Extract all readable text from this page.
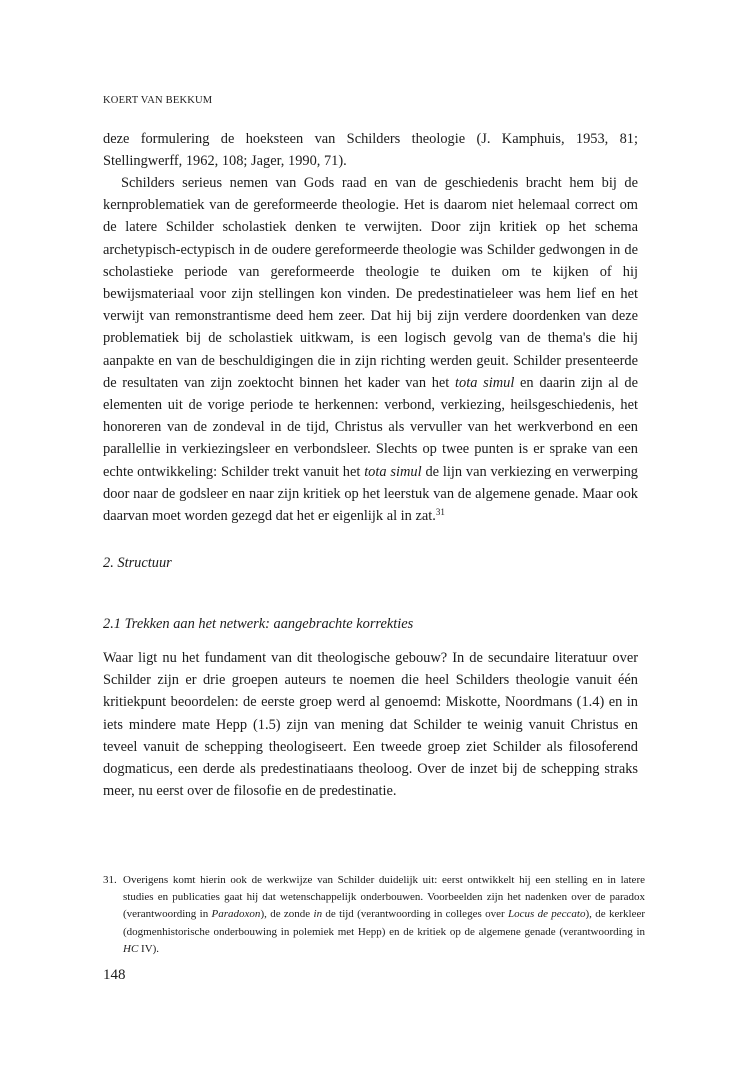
KOERT VAN BEKKUM

deze formulering de hoeksteen van Schilders theologie (J. Kamphuis, 1953, 81; Stellingwerff, 1962, 108; Jager, 1990, 71).

Schilders serieus nemen van Gods raad en van de geschiedenis bracht hem bij de kernproblematiek van de gereformeerde theologie. Het is daarom niet helemaal correct om de latere Schilder scholastiek denken te verwijten. Door zijn kritiek op het schema archetypisch-ectypisch in de oudere gereformeerde theologie was Schilder gedwongen in de scholastieke periode van gereformeerde theologie te duiken om te kijken of hij bewijsmateriaal voor zijn stellingen kon vinden. De predestinatieleer was hem lief en het verwijt van remonstrantisme deed hem zeer. Dat hij bij zijn verdere doordenken van deze problematiek bij de scholastiek uitkwam, is een logisch gevolg van de thema's die hij aanpakte en van de beschuldigingen die in zijn richting werden geuit. Schilder presenteerde de resultaten van zijn zoektocht binnen het kader van het tota simul en daarin zijn al de elementen uit de vorige periode te herkennen: verbond, verkiezing, heilsgeschiedenis, het honoreren van de zondeval in de tijd, Christus als vervuller van het werkverbond en een parallellie in verkiezingsleer en verbondsleer. Slechts op twee punten is er sprake van een echte ontwikkeling: Schilder trekt vanuit het tota simul de lijn van verkiezing en verwerping door naar de godsleer en naar zijn kritiek op het leerstuk van de algemene genade. Maar ook daarvan moet worden gezegd dat het er eigenlijk al in zat.$^{31}$

2. Structuur

2.1 Trekken aan het netwerk: aangebrachte korrekties

Waar ligt nu het fundament van dit theologische gebouw? In de secundaire literatuur over Schilder zijn er drie groepen auteurs te noemen die heel Schilders theologie vanuit één kritiekpunt beoordelen: de eerste groep werd al genoemd: Miskotte, Noordmans (1.4) en in iets mindere mate Hepp (1.5) zijn van mening dat Schilder te weinig vanuit Christus en teveel vanuit de schepping theologiseert. Een tweede groep ziet Schilder als filosoferend dogmaticus, een derde als predestinatiaans theoloog. Over de inzet bij de schepping straks meer, nu eerst over de filosofie en de predestinatie.

31. Overigens komt hierin ook de werkwijze van Schilder duidelijk uit: eerst ontwikkelt hij een stelling en in latere studies en publicaties gaat hij dat wetenschappelijk onderbouwen. Voorbeelden zijn het nadenken over de paradox (verantwoording in Paradoxon), de zonde in de tijd (verantwoording in colleges over Locus de peccato), de kerkleer (dogmenhistorische onderbouwing in polemiek met Hepp) en de kritiek op de algemene genade (verantwoording in HC IV).

148
